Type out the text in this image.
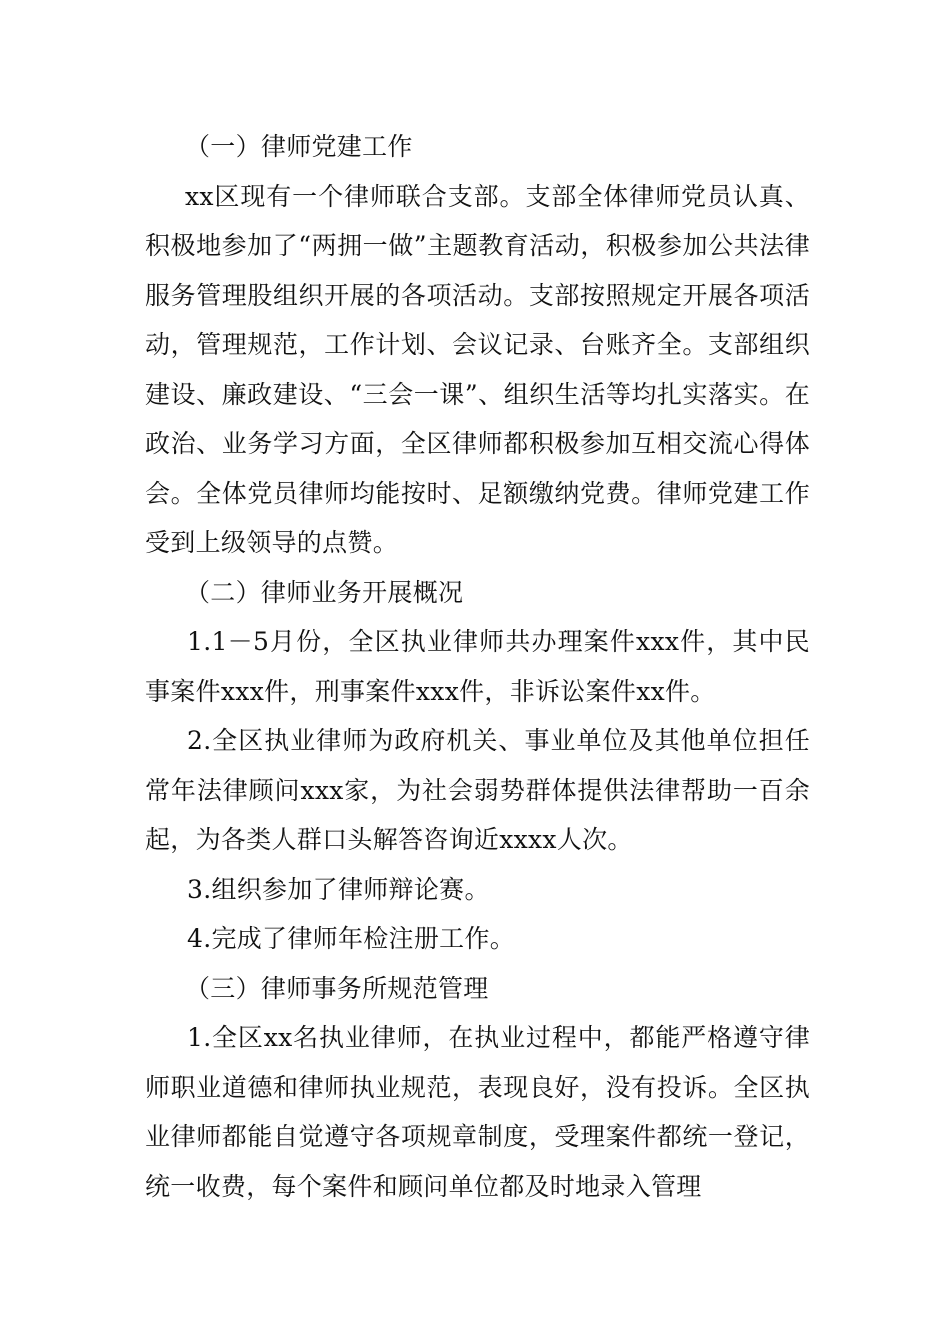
（一）律师党建工作

xx区现有一个律师联合支部。支部全体律师党员认真、积极地参加了“两拥一做”主题教育活动，积极参加公共法律服务管理股组织开展的各项活动。支部按照规定开展各项活动，管理规范，工作计划、会议记录、台账齐全。支部组织建设、廉政建设、“三会一课”、组织生活等均扎实落实。在政治、业务学习方面，全区律师都积极参加互相交流心得体会。全体党员律师均能按时、足额缴纳党费。律师党建工作受到上级领导的点赞。

（二）律师业务开展概况

1.1－5月份，全区执业律师共办理案件xxx件，其中民事案件xxx件，刑事案件xxx件，非诉讼案件xx件。

2.全区执业律师为政府机关、事业单位及其他单位担任常年法律顾问xxx家，为社会弱势群体提供法律帮助一百余起，为各类人群口头解答咨询近xxxx人次。

3.组织参加了律师辩论赛。

4.完成了律师年检注册工作。

（三）律师事务所规范管理

1.全区xx名执业律师，在执业过程中，都能严格遵守律师职业道德和律师执业规范，表现良好，没有投诉。全区执业律师都能自觉遵守各项规章制度，受理案件都统一登记，统一收费，每个案件和顾问单位都及时地录入管理
